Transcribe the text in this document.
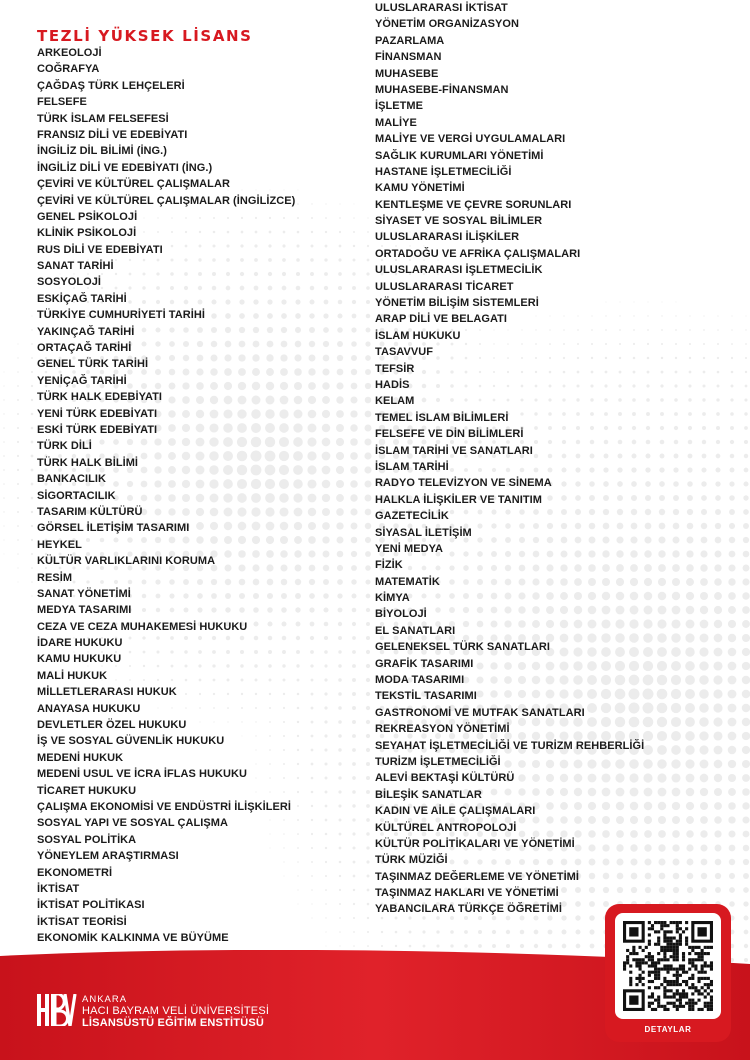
TEZLİ YÜKSEK LİSANS
ARKEOLOJİ
COĞRAFYA
ÇAĞDAŞ TÜRK LEHÇELERİ
FELSEFE
TÜRK İSLAM FELSEFESİ
FRANSIZ DİLİ VE EDEBİYATI
İNGİLİZ DİL BİLİMİ (İNG.)
İNGİLİZ DİLİ VE EDEBİYATI (İNG.)
ÇEVİRİ VE KÜLTÜREL ÇALIŞMALAR
ÇEVİRİ VE KÜLTÜREL ÇALIŞMALAR (İNGİLİZCE)
GENEL PSİKOLOJİ
KLİNİK PSİKOLOJİ
RUS DİLİ VE EDEBİYATI
SANAT TARİHİ
SOSYOLOJİ
ESKİÇAĞ TARİHİ
TÜRKİYE CUMHURİYETİ TARİHİ
YAKINÇAĞ TARİHİ
ORTAÇAĞ TARİHİ
GENEL TÜRK TARİHİ
YENİÇAĞ TARİHİ
TÜRK HALK EDEBİYATI
YENİ TÜRK EDEBİYATI
ESKİ TÜRK EDEBİYATI
TÜRK DİLİ
TÜRK HALK BİLİMİ
BANKACILIK
SİGORTACILIK
TASARIM KÜLTÜRÜ
GÖRSEL İLETİŞİM TASARIMI
HEYKEL
KÜLTÜR VARLIKLARINI KORUMA
RESİM
SANAT YÖNETİMİ
MEDYA TASARIMI
CEZA VE CEZA MUHAKEMESİ HUKUKU
İDARE HUKUKU
KAMU HUKUKU
MALİ HUKUK
MİLLETLERARASI HUKUK
ANAYASA HUKUKU
DEVLETLER ÖZEL HUKUKU
İŞ VE SOSYAL GÜVENLİK HUKUKU
MEDENİ HUKUK
MEDENİ USUL VE İCRA İFLAS HUKUKU
TİCARET HUKUKU
ÇALIŞMA EKONOMİSİ VE ENDÜSTRİ İLİŞKİLERİ
SOSYAL YAPI VE SOSYAL ÇALIŞMA
SOSYAL POLİTİKA
YÖNEYLEM ARAŞTIRMASI
EKONOMETRİ
İKTİSAT
İKTİSAT POLİTİKASI
İKTİSAT TEORİSİ
EKONOMİK KALKINMA VE BÜYÜME
ULUSLARARASI İKTİSAT
YÖNETİM ORGANİZASYON
PAZARLAMA
FİNANSMAN
MUHASEBE
MUHASEBE-FİNANSMAN
İŞLETME
MALİYE
MALİYE VE VERGİ UYGULAMALARI
SAĞLIK KURUMLARI YÖNETİMİ
HASTANE İŞLETMECİLİĞİ
KAMU YÖNETİMİ
KENTLEŞME VE ÇEVRE SORUNLARI
SİYASET VE SOSYAL BİLİMLER
ULUSLARARASI İLİŞKİLER
ORTADOĞU VE AFRİKA ÇALIŞMALARI
ULUSLARARASI İŞLETMECİLİK
ULUSLARARASI TİCARET
YÖNETİM BİLİŞİM SİSTEMLERİ
ARAP DİLİ VE BELAGATI
İSLAM HUKUKU
TASAVVUF
TEFSİR
HADİS
KELAM
TEMEL İSLAM BİLİMLERİ
FELSEFE VE DİN BİLİMLERİ
İSLAM TARİHİ VE SANATLARI
İSLAM TARİHİ
RADYO TELEVİZYON VE SİNEMA
HALKLA İLİŞKİLER VE TANITIM
GAZETECİLİK
SİYASAL İLETİŞİM
YENİ MEDYA
FİZİK
MATEMATİK
KİMYA
BİYOLOJİ
EL SANATLARI
GELENEKSEL TÜRK SANATLARI
GRAFİK TASARIMI
MODA TASARIMI
TEKSTİL TASARIMI
GASTRONOMİ VE MUTFAK SANATLARI
REKREASYON YÖNETİMİ
SEYAHAT İŞLETMECİLİĞİ VE TURİZM REHBERLİĞİ
TURİZM İŞLETMECİLİĞİ
ALEVİ BEKTAŞİ KÜLTÜRÜ
BİLEŞİK SANATLAR
KADIN VE AİLE ÇALIŞMALARI
KÜLTÜREL ANTROPOLOJİ
KÜLTÜR POLİTİKALARI VE YÖNETİMİ
TÜRK MÜZİĞİ
TAŞINMAZ DEĞERLEME VE YÖNETİMİ
TAŞINMAZ HAKLARI VE YÖNETİMİ
YABANCILARA TÜRKÇE ÖĞRETİMİ
ANKARA
HACI BAYRAM VELİ ÜNİVERSİTESİ
LİSANSÜSTÜ EĞİTİM ENSTİTÜSÜ
DETAYLAR
